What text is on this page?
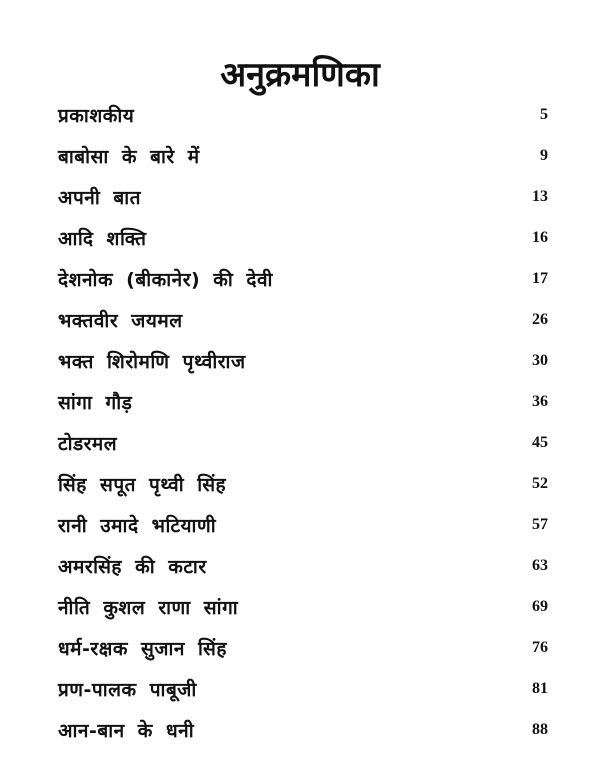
अनुक्रमणिका
प्रकाशकीय	5
बाबोसा के बारे में	9
अपनी बात	13
आदि शक्ति	16
देशनोक (बीकानेर) की देवी	17
भक्तवीर जयमल	26
भक्त शिरोमणि पृथ्वीराज	30
सांगा गौड़	36
टोडरमल	45
सिंह सपूत पृथ्वी सिंह	52
रानी उमादे भटियाणी	57
अमरसिंह की कटार	63
नीति कुशल राणा सांगा	69
धर्म-रक्षक सुजान सिंह	76
प्रण-पालक पाबूजी	81
आन-बान के धनी	88
